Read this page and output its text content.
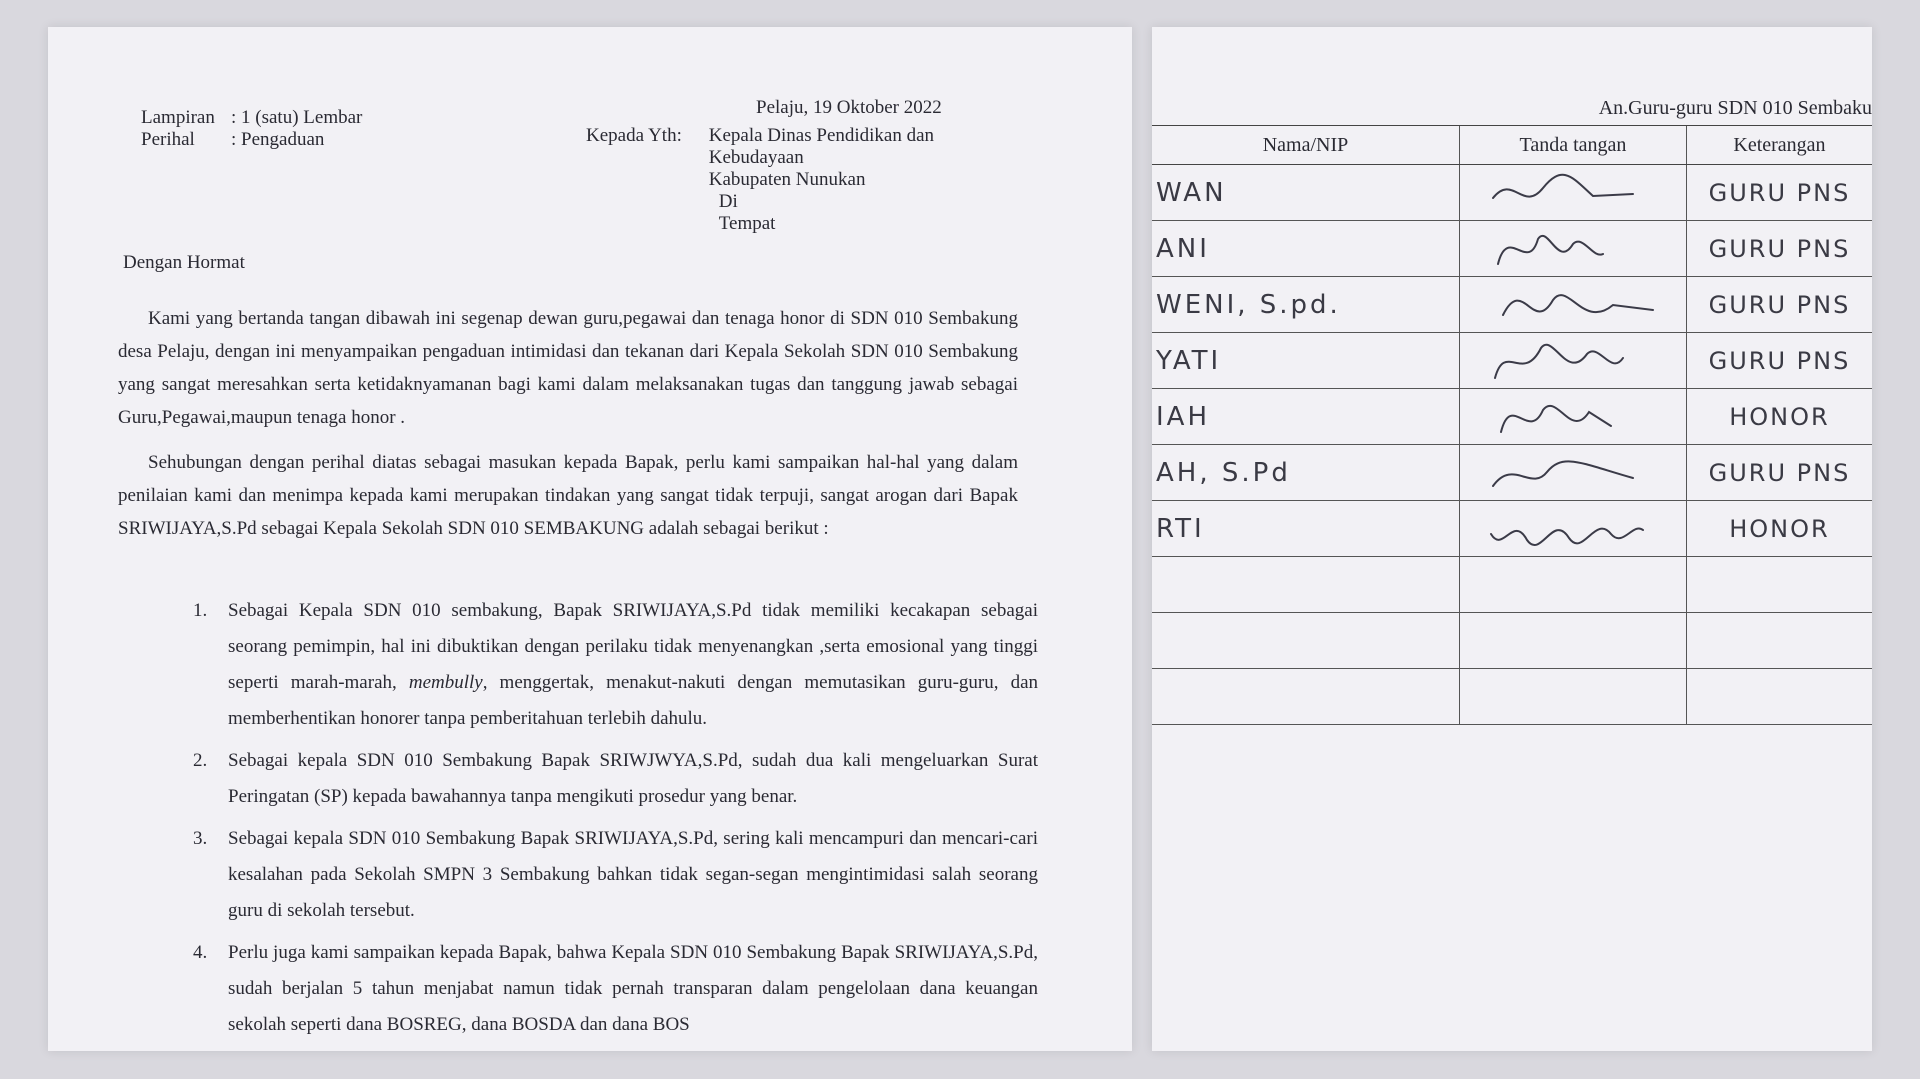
Pelaju, 19 Oktober 2022
Lampiran : 1 (satu) Lembar
Perihal : Pengaduan	Kepada Yth: Kepala Dinas Pendidikan dan
Kebudayaan
Kabupaten Nunukan
Di
Tempat
Dengan Hormat

Kami yang bertanda tangan dibawah ini segenap dewan guru,pegawai dan tenaga honor di SDN 010 Sembakung desa Pelaju, dengan ini menyampaikan pengaduan intimidasi dan tekanan dari Kepala Sekolah SDN 010 Sembakung yang sangat meresahkan serta ketidaknyamanan bagi kami dalam melaksanakan tugas dan tanggung jawab sebagai Guru,Pegawai,maupun tenaga honor .

Sehubungan dengan perihal diatas sebagai masukan kepada Bapak, perlu kami sampaikan hal-hal yang dalam penilaian kami dan menimpa kepada kami merupakan tindakan yang sangat tidak terpuji, sangat arogan dari Bapak SRIWIJAYA,S.Pd sebagai Kepala Sekolah SDN 010 SEMBAKUNG adalah sebagai berikut :

1. Sebagai Kepala SDN 010 sembakung, Bapak SRIWIJAYA,S.Pd tidak memiliki kecakapan sebagai seorang pemimpin, hal ini dibuktikan dengan perilaku tidak menyenangkan ,serta emosional yang tinggi seperti marah-marah, membully, menggertak, menakut-nakuti dengan memutasikan guru-guru, dan memberhentikan honorer tanpa pemberitahuan terlebih dahulu.
2. Sebagai kepala SDN 010 Sembakung Bapak SRIWJWYA,S.Pd, sudah dua kali mengeluarkan Surat Peringatan (SP) kepada bawahannya tanpa mengikuti prosedur yang benar.
3. Sebagai kepala SDN 010 Sembakung Bapak SRIWIJAYA,S.Pd, sering kali mencampuri dan mencari-cari kesalahan pada Sekolah SMPN 3 Sembakung bahkan tidak segan-segan mengintimidasi salah seorang guru di sekolah tersebut.
4. Perlu juga kami sampaikan kepada Bapak, bahwa Kepala SDN 010 Sembakung Bapak SRIWIJAYA,S.Pd, sudah berjalan 5 tahun menjabat namun tidak pernah transparan dalam pengelolaan dana keuangan sekolah seperti dana BOSREG, dana BOSDA dan dana BOS
An.Guru-guru SDN 010 Sembaku
Nama/NIP	Tanda tangan	Keterangan
WAN		GURU PNS
ANI		GURU PNS
WENI, S.pd.		GURU PNS
YATI		GURU PNS
IAH		HONOR
AH, S.Pd		GURU PNS
RTI		HONOR
